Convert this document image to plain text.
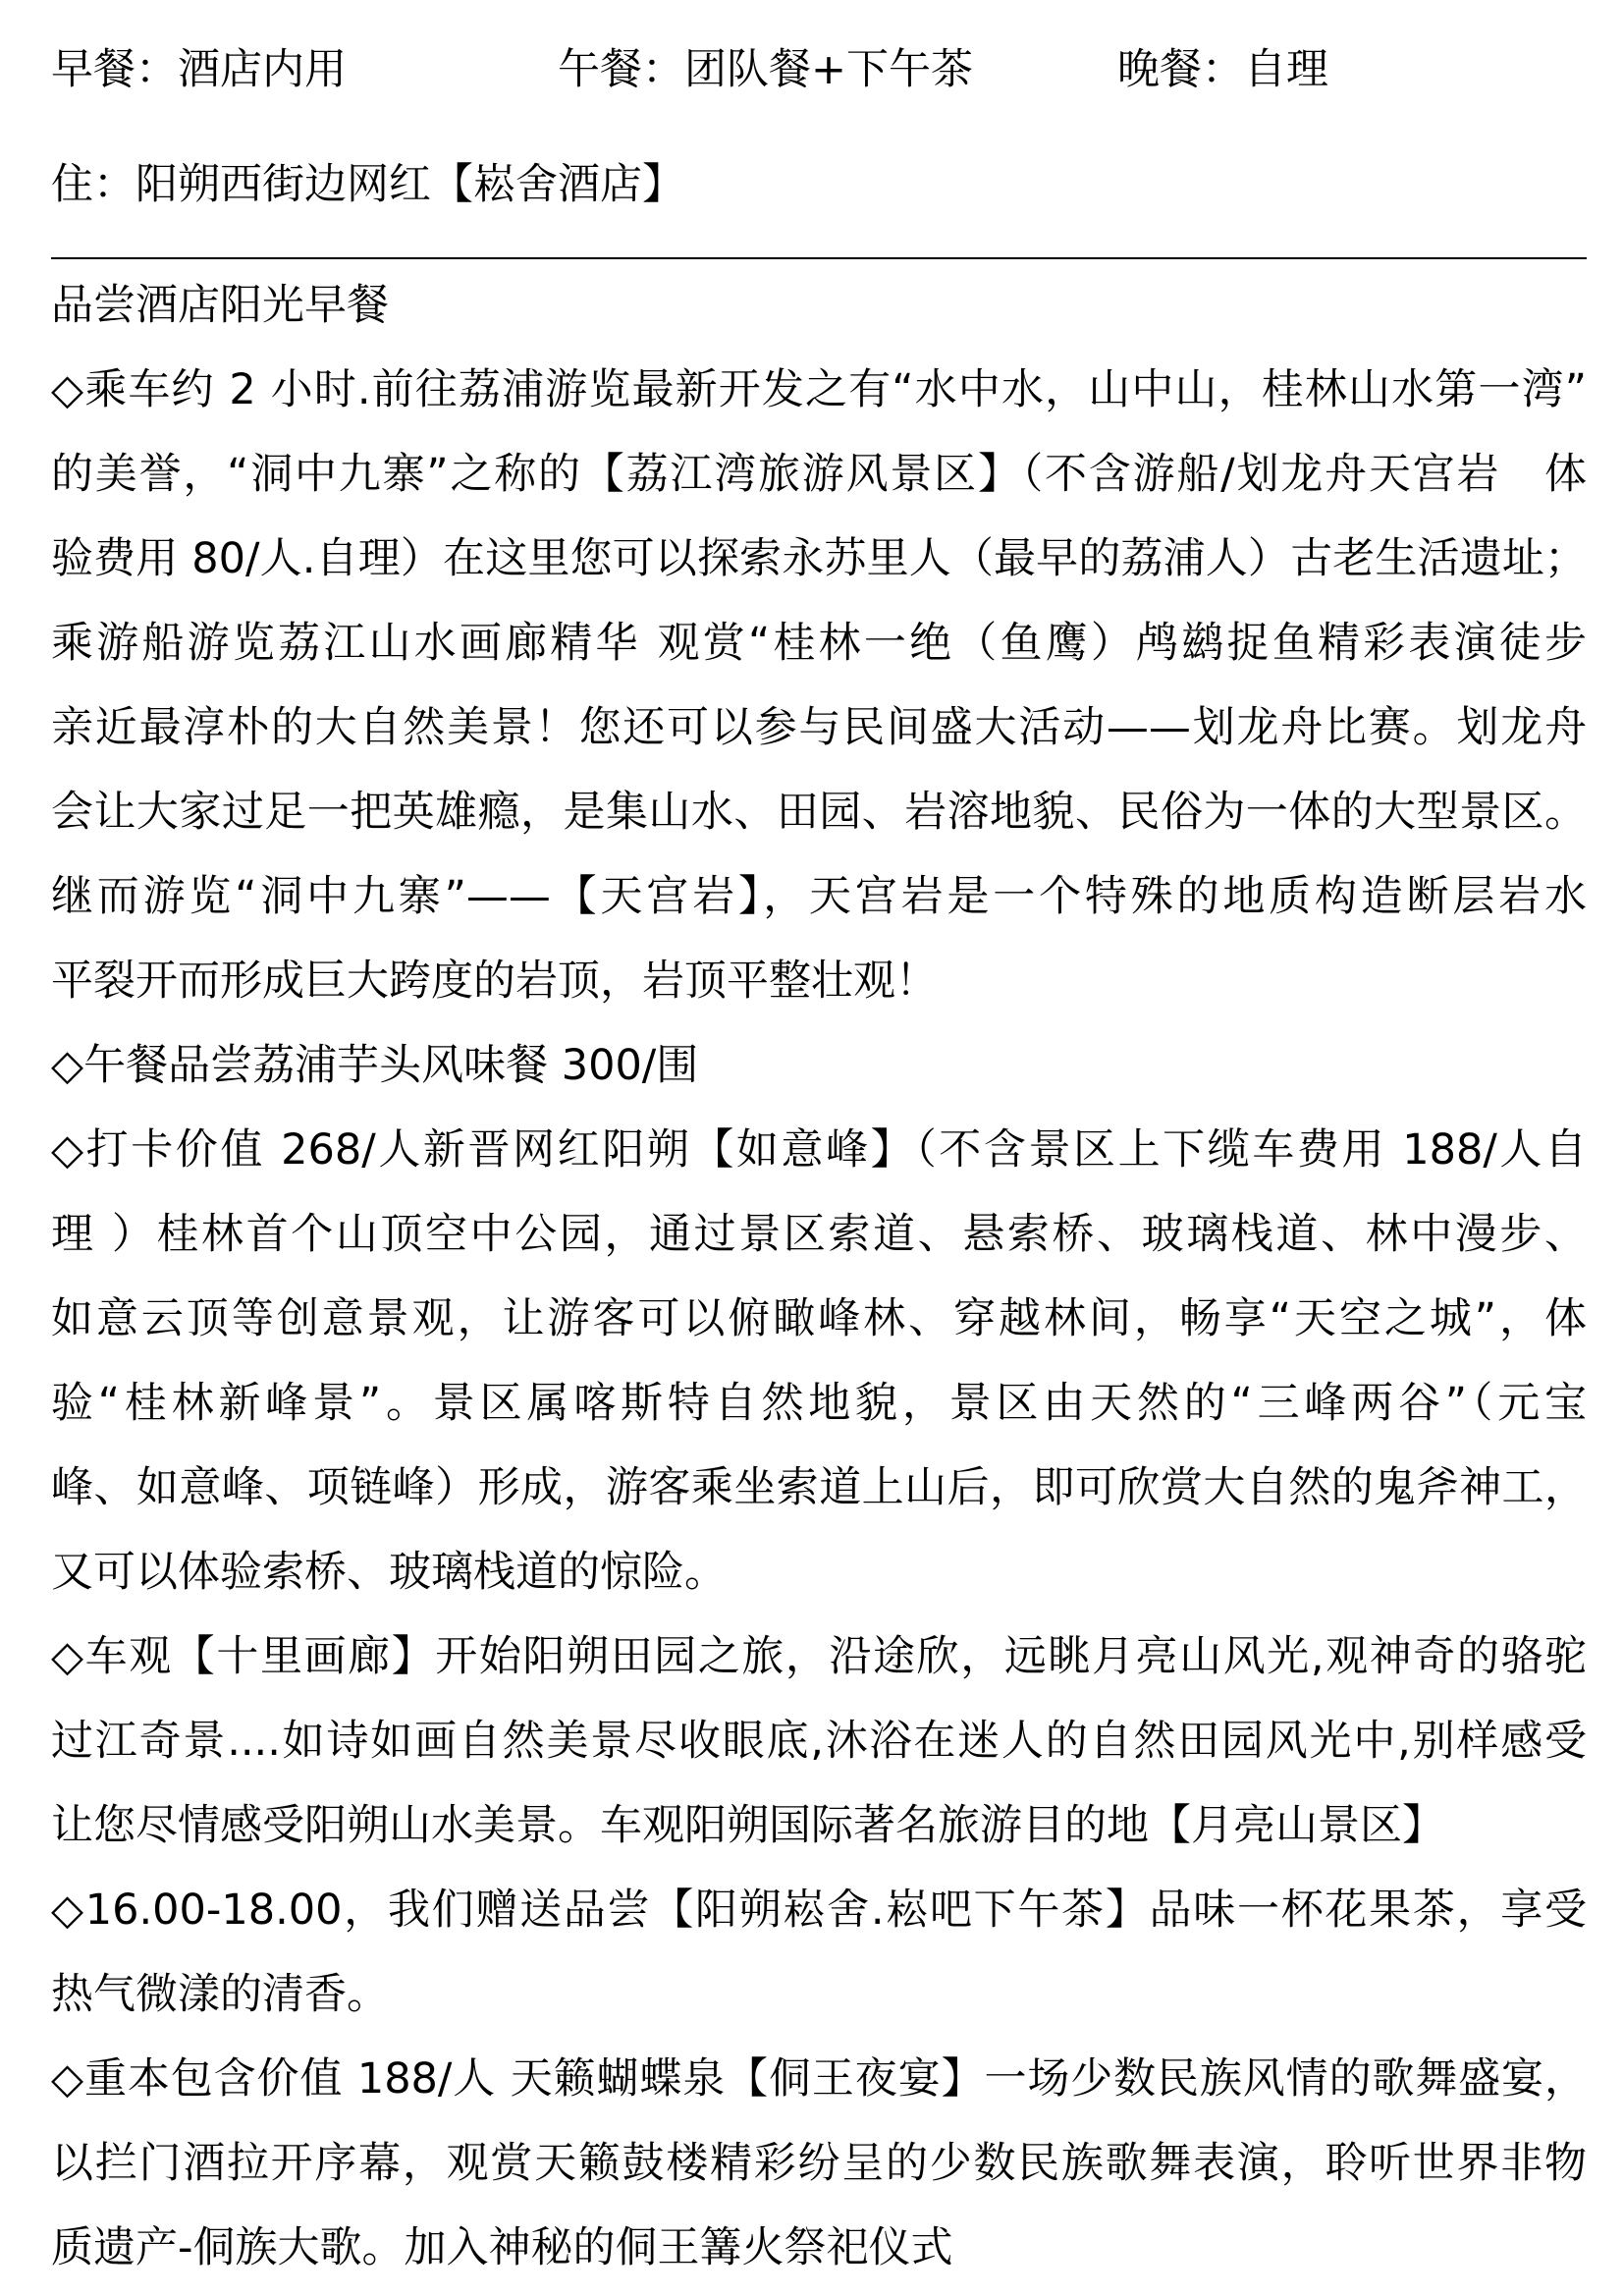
早餐：酒店内用	午餐：团队餐+下午茶	晚餐：自理
住：阳朔西街边网红【崧舍酒店】
品尝酒店阳光早餐
◇乘车约 2 小时.前往荔浦游览最新开发之有“水中水，山中山，桂林山水第一湾”
的美誉，“洞中九寨”之称的【荔江湾旅游风景区】（不含游船/划龙舟天宫岩　体
验费用 80/人.自理）在这里您可以探索永苏里人（最早的荔浦人）古老生活遗址；
乘游船游览荔江山水画廊精华 观赏“桂林一绝（鱼鹰）鸬鹚捉鱼精彩表演徒步
亲近最淳朴的大自然美景！您还可以参与民间盛大活动——划龙舟比赛。划龙舟
会让大家过足一把英雄瘾，是集山水、田园、岩溶地貌、民俗为一体的大型景区。
继而游览“洞中九寨”——【天宫岩】，天宫岩是一个特殊的地质构造断层岩水
平裂开而形成巨大跨度的岩顶，岩顶平整壮观！
◇午餐品尝荔浦芋头风味餐 300/围
◇打卡价值 268/人新晋网红阳朔【如意峰】（不含景区上下缆车费用 188/人自
理 ）桂林首个山顶空中公园，通过景区索道、悬索桥、玻璃栈道、林中漫步、
如意云顶等创意景观，让游客可以俯瞰峰林、穿越林间，畅享“天空之城”，体
验“桂林新峰景”。景区属喀斯特自然地貌，景区由天然的“三峰两谷”（元宝
峰、如意峰、项链峰）形成，游客乘坐索道上山后，即可欣赏大自然的鬼斧神工，
又可以体验索桥、玻璃栈道的惊险。
◇车观【十里画廊】开始阳朔田园之旅，沿途欣，远眺月亮山风光,观神奇的骆驼
过江奇景....如诗如画自然美景尽收眼底,沐浴在迷人的自然田园风光中,别样感受
让您尽情感受阳朔山水美景。车观阳朔国际著名旅游目的地【月亮山景区】
◇16.00-18.00，我们赠送品尝【阳朔崧舍.崧吧下午茶】品味一杯花果茶，享受
热气微漾的清香。
◇重本包含价值 188/人 天籁蝴蝶泉【侗王夜宴】一场少数民族风情的歌舞盛宴，
以拦门酒拉开序幕，观赏天籁鼓楼精彩纷呈的少数民族歌舞表演，聆听世界非物
质遗产-侗族大歌。加入神秘的侗王篝火祭祀仪式
